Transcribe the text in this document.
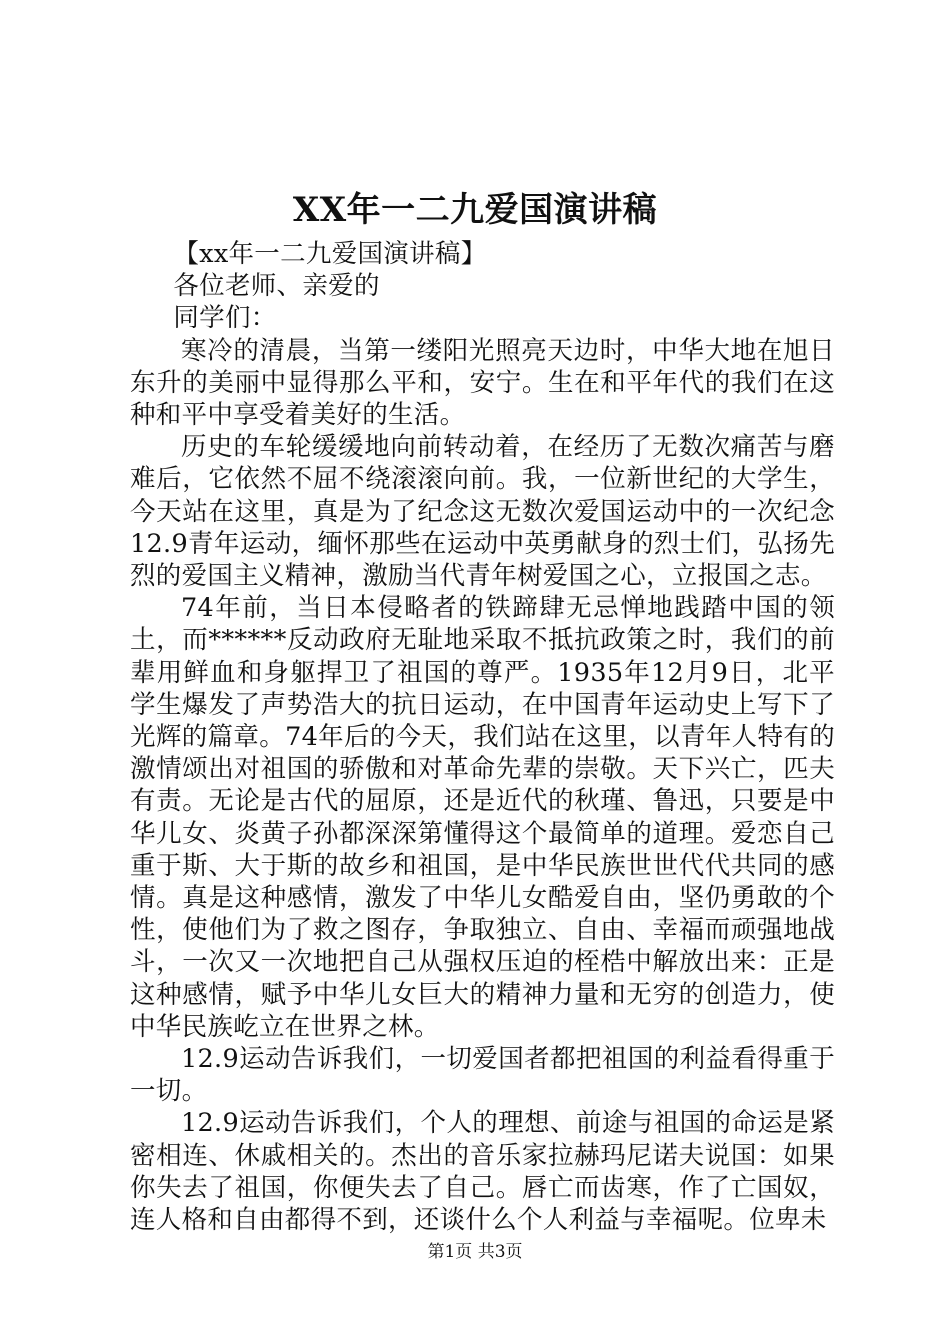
XX年一二九爱国演讲稿

【xx年一二九爱国演讲稿】

各位老师、亲爱的

同学们：

寒冷的清晨，当第一缕阳光照亮天边时，中华大地在旭日东升的美丽中显得那么平和，安宁。生在和平年代的我们在这种和平中享受着美好的生活。

历史的车轮缓缓地向前转动着，在经历了无数次痛苦与磨难后，它依然不屈不绕滚滚向前。我，一位新世纪的大学生，今天站在这里，真是为了纪念这无数次爱国运动中的一次纪念12.9青年运动，缅怀那些在运动中英勇献身的烈士们，弘扬先烈的爱国主义精神，激励当代青年树爱国之心，立报国之志。

74年前，当日本侵略者的铁蹄肆无忌惮地践踏中国的领土，而******反动政府无耻地采取不抵抗政策之时，我们的前辈用鲜血和身躯捍卫了祖国的尊严。1935年12月9日，北平学生爆发了声势浩大的抗日运动，在中国青年运动史上写下了光辉的篇章。74年后的今天，我们站在这里，以青年人特有的激情颂出对祖国的骄傲和对革命先辈的崇敬。天下兴亡，匹夫有责。无论是古代的屈原，还是近代的秋瑾、鲁迅，只要是中华儿女、炎黄子孙都深深第懂得这个最简单的道理。爱恋自己重于斯、大于斯的故乡和祖国，是中华民族世世代代共同的感情。真是这种感情，激发了中华儿女酷爱自由，坚仍勇敢的个性，使他们为了救之图存，争取独立、自由、幸福而顽强地战斗，一次又一次地把自己从强权压迫的桎梏中解放出来：正是这种感情，赋予中华儿女巨大的精神力量和无穷的创造力，使中华民族屹立在世界之林。

12.9运动告诉我们，一切爱国者都把祖国的利益看得重于一切。

12.9运动告诉我们，个人的理想、前途与祖国的命运是紧密相连、休戚相关的。杰出的音乐家拉赫玛尼诺夫说国：如果你失去了祖国，你便失去了自己。唇亡而齿寒，作了亡国奴，连人格和自由都得不到，还谈什么个人利益与幸福呢。位卑未

第1页 共3页
